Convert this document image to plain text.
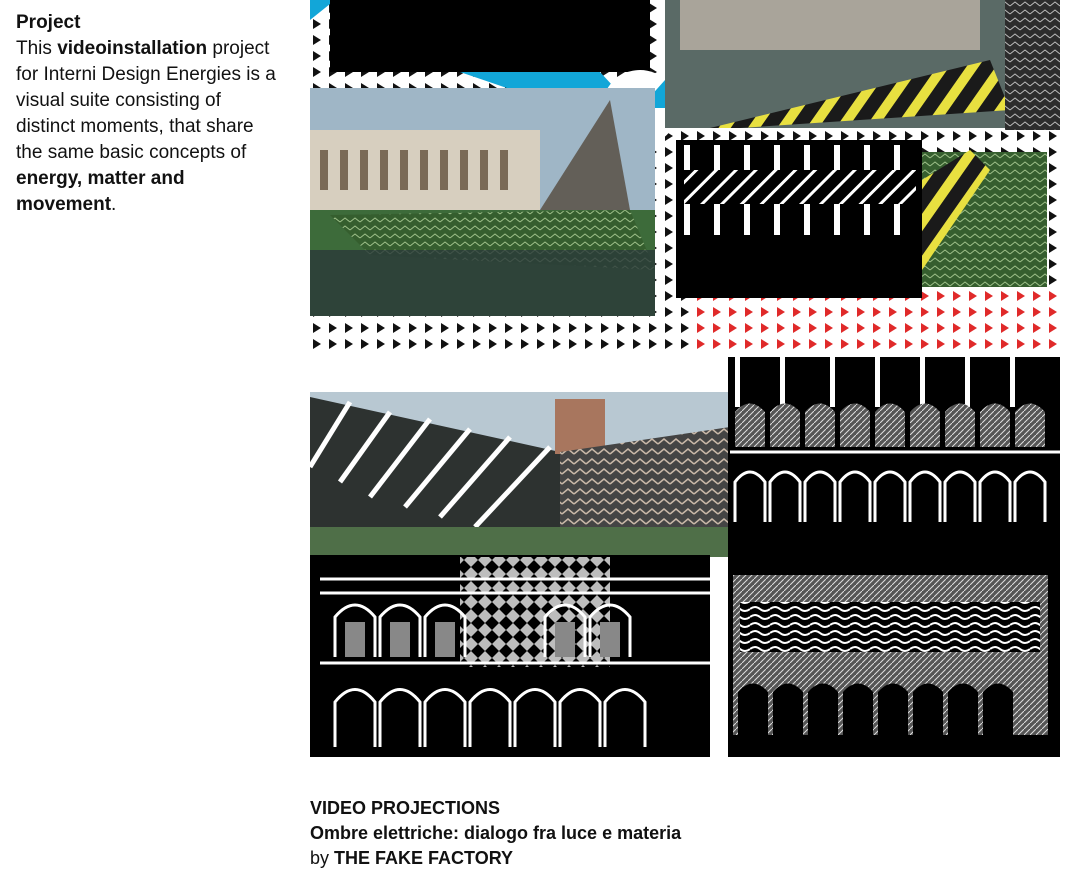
Project
This videoinstallation project for Interni Design Energies is a visual suite consisting of distinct moments, that share the same basic concepts of energy, matter and movement.
VIDEO PROJECTIONS
Ombre elettriche: dialogo fra luce e materia
by THE FAKE FACTORY
